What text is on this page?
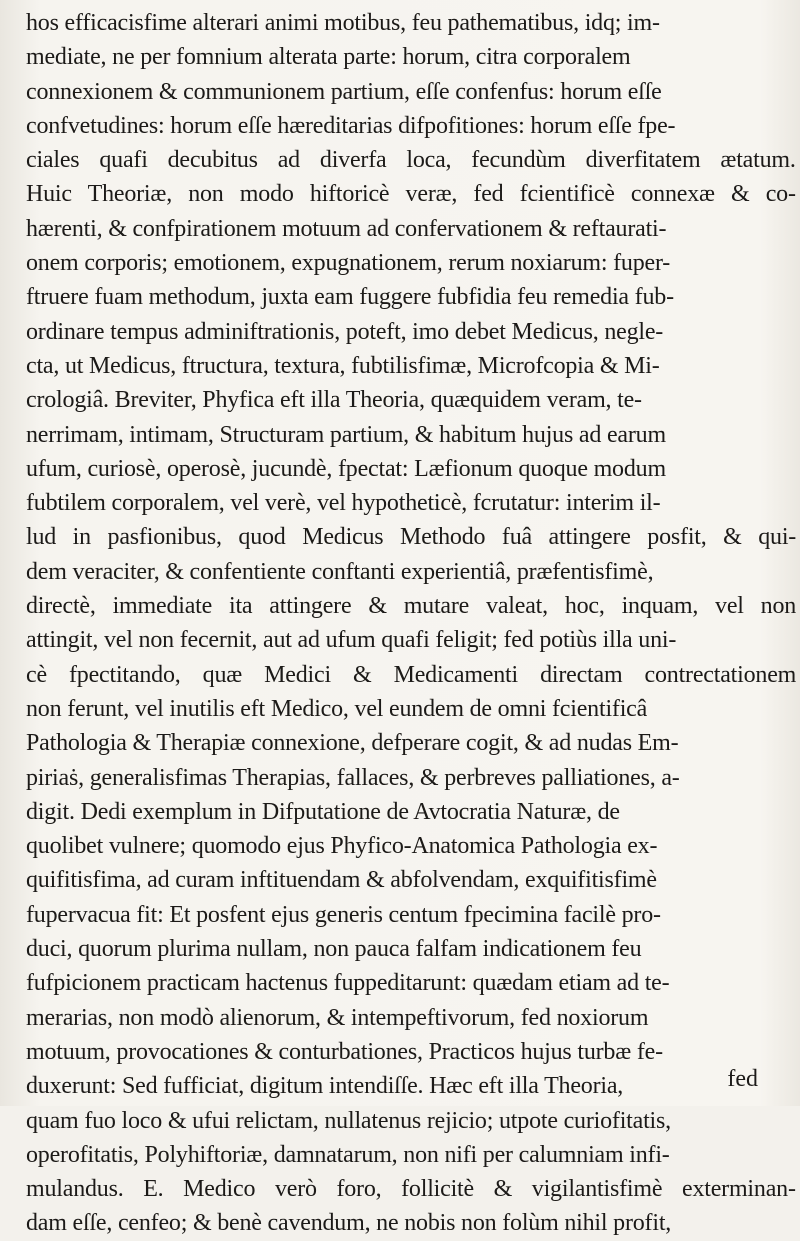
hos efficacisfime alterari animi motibus, feu pathematibus, idq; im-
mediate, ne per fomnium alterata parte: horum, citra corporalem
connexionem & communionem partium, eſſe confenfus: horum eſſe
confvetudines: horum eſſe hæreditarias difpofitiones: horum eſſe fpe-
ciales quafi decubitus ad diverfa loca, fecundùm diverfitatem ætatum.
Huic Theoriæ, non modo hiftoricè veræ, fed fcientificè connexæ & co-
hærenti, & confpirationem motuum ad confervationem & reftaurati-
onem corporis; emotionem, expugnationem, rerum noxiarum: fuper-
ftruere fuam methodum, juxta eam fuggere fubfidia feu remedia fub-
ordinare tempus adminiftrationis, poteft, imo debet Medicus, negle-
cta, ut Medicus, ftructura, textura, fubtilisfimæ, Microfcopia & Mi-
crologiâ. Breviter, Phyfica eft illa Theoria, quæquidem veram, te-
nerrimam, intimam, Structuram partium, & habitum hujus ad earum
ufum, curiosè, operosè, jucundè, fpectat: Læfionum quoque modum
fubtilem corporalem, vel verè, vel hypotheticè, fcrutatur: interim il-
lud in pasfionibus, quod Medicus Methodo fuâ attingere posfit, & qui-
dem veraciter, & confentiente conftanti experientiâ, præfentisfimè,
directè, immediate ita attingere & mutare valeat, hoc, inquam, vel non
attingit, vel non fecernit, aut ad ufum quafi feligit; fed potiùs illa uni-
cè fpectitando, quæ Medici & Medicamenti directam contrectationem
non ferunt, vel inutilis eft Medico, vel eundem de omni fcientificâ
Pathologia & Therapiæ connexione, defperare cogit, & ad nudas Em-
piriaṡ, generalisfimas Therapias, fallaces, & perbreves palliationes, a-
digit. Dedi exemplum in Difputatione de Avtocratia Naturæ, de
quolibet vulnere; quomodo ejus Phyfico-Anatomica Pathologia ex-
quifitisfima, ad curam inftituendam & abfolvendam, exquifitisfimè
fupervacua fit: Et posfent ejus generis centum fpecimina facilè pro-
duci, quorum plurima nullam, non pauca falfam indicationem feu
fufpicionem practicam hactenus fuppeditarunt: quædam etiam ad te-
merarias, non modò alienorum, & intempeftivorum, fed noxiorum
motuum, provocationes & conturbationes, Practicos hujus turbæ fe-
duxerunt: Sed fufficiat, digitum intendiſſe. Hæc eft illa Theoria,
quam fuo loco & ufui relictam, nullatenus rejicio; utpote curiofitatis,
operofitatis, Polyhiftoriæ, damnatarum, non nifi per calumniam infi-
mulandus. E. Medico verò foro, follicitè & vigilantisfimè exterminan-
dam eſſe, cenfeo; & benè cavendum, ne nobis non folùm nihil profit,
fed
